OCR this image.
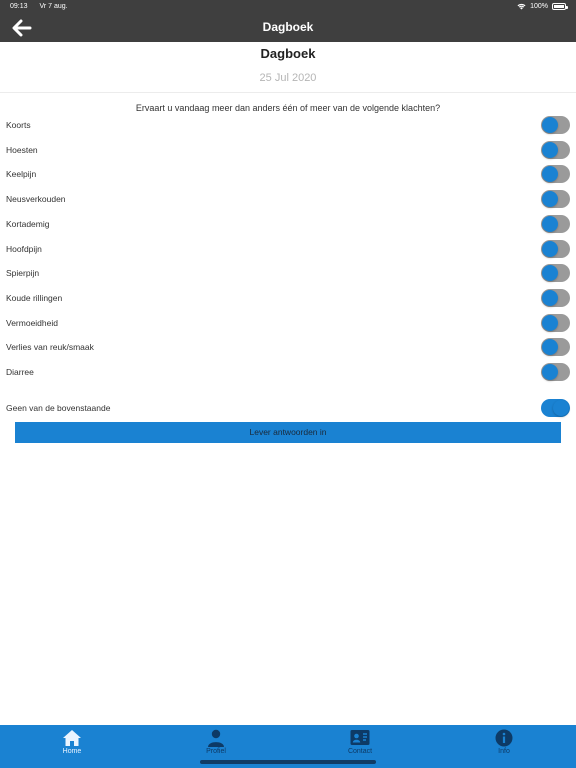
09:13 Vr 7 aug.	100%
Dagboek
Dagboek
25 Jul 2020
Ervaart u vandaag meer dan anders één of meer van de volgende klachten?
Koorts
Hoesten
Keelpijn
Neusverkouden
Kortademig
Hoofdpijn
Spierpijn
Koude rillingen
Vermoeidheid
Verlies van reuk/smaak
Diarree
Geen van de bovenstaande
Lever antwoorden in
Home	Profiel	Contact	Info
